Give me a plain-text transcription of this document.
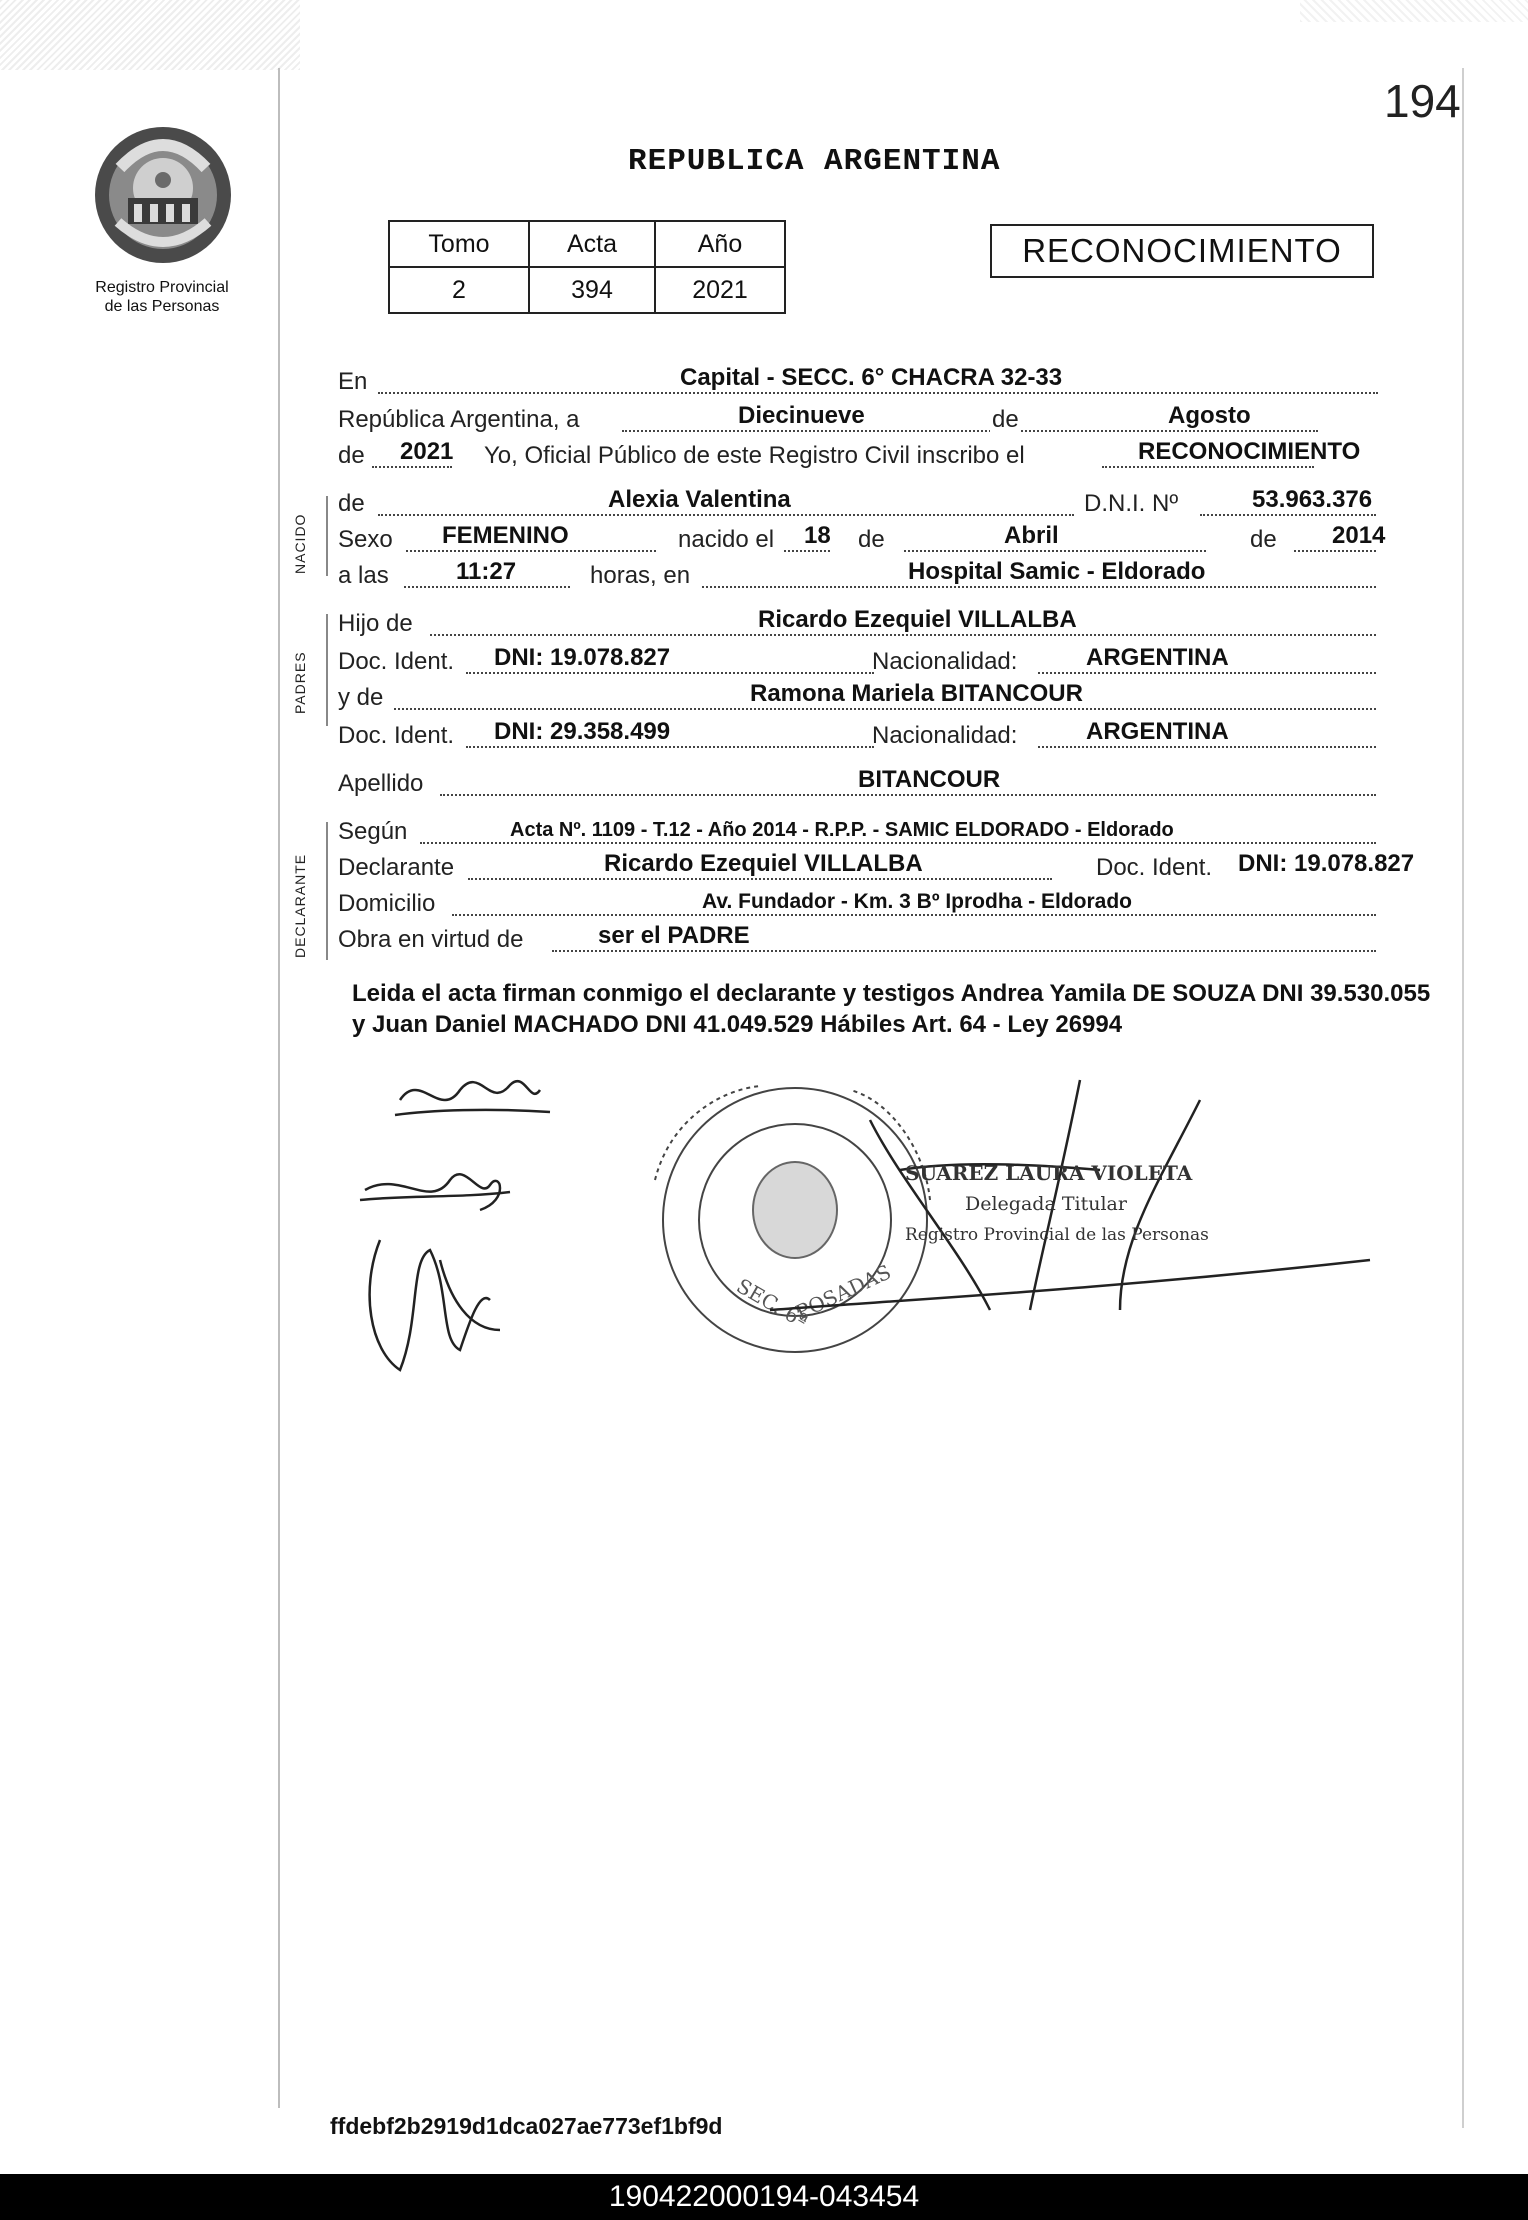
194
Registro Provincial
de las Personas
REPUBLICA ARGENTINA
Tomo	Acta	Año
2	394	2021
RECONOCIMIENTO
NACIDO
PADRES
DECLARANTE
En	Capital - SECC. 6° CHACRA 32-33
República Argentina, a	Diecinueve	de	Agosto
de 2021 Yo, Oficial Público de este Registro Civil inscribo el	RECONOCIMIENTO
de	Alexia Valentina	D.N.I. Nº	53.963.376
Sexo FEMENINO	nacido el 18 de	Abril	de 2014
a las	11:27	horas, en	Hospital Samic - Eldorado
Hijo de	Ricardo Ezequiel VILLALBA
Doc. Ident. DNI: 19.078.827	Nacionalidad:	ARGENTINA
y de	Ramona Mariela BITANCOUR
Doc. Ident. DNI: 29.358.499	Nacionalidad:	ARGENTINA
Apellido	BITANCOUR
Según	Acta Nº. 1109 - T.12 - Año 2014 - R.P.P. - SAMIC ELDORADO - Eldorado
Declarante	Ricardo Ezequiel VILLALBA	Doc. Ident. DNI: 19.078.827
Domicilio	Av. Fundador - Km. 3 Bº Iprodha - Eldorado
Obra en virtud de	ser el PADRE
Leida el acta firman conmigo el declarante y testigos Andrea Yamila DE SOUZA DNI 39.530.055 y Juan Daniel MACHADO DNI 41.049.529 Hábiles Art. 64 - Ley 26994
SEC. 6ª
POSADAS
SUAREZ LAURA VIOLETA
Delegada Titular
Registro Provincial de las Personas
ffdebf2b2919d1dca027ae773ef1bf9d
190422000194-043454
